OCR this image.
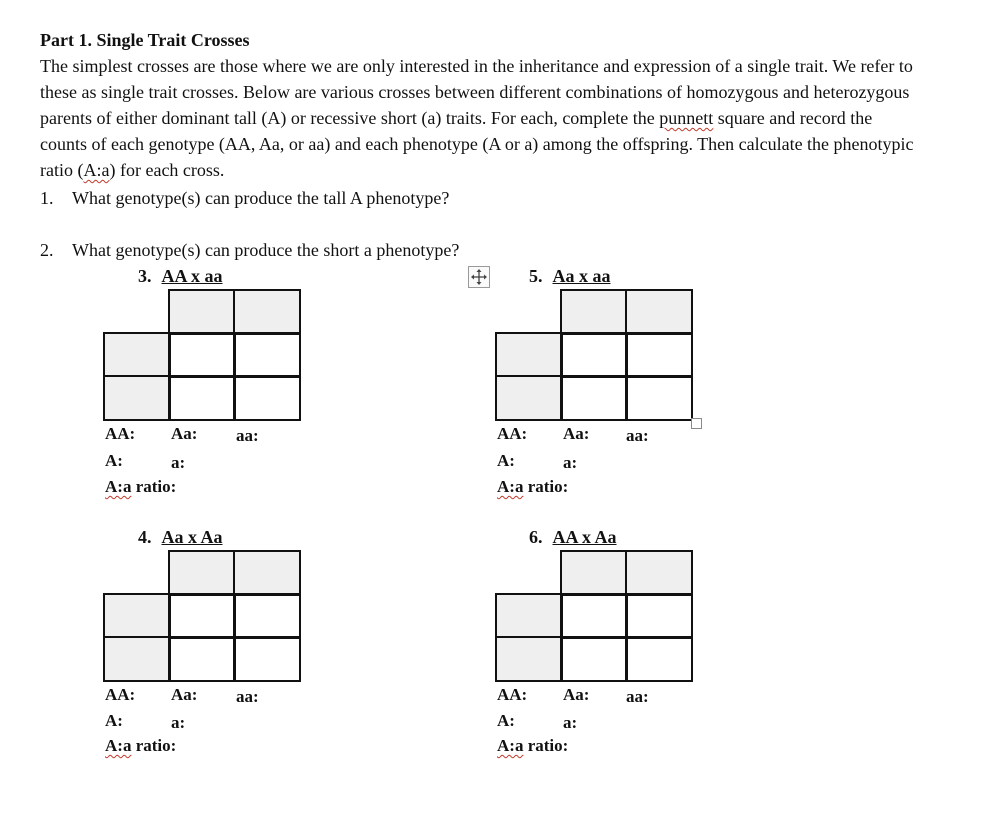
Part 1. Single Trait Crosses
The simplest crosses are those where we are only interested in the inheritance and expression of a single trait. We refer to these as single trait crosses. Below are various crosses between different combinations of homozygous and heterozygous parents of either dominant tall (A) or recessive short (a) traits. For each, complete the punnett square and record the counts of each genotype (AA, Aa, or aa) and each phenotype (A or a) among the offspring. Then calculate the phenotypic ratio (A:a) for each cross.
1. What genotype(s) can produce the tall A phenotype?
2. What genotype(s) can produce the short a phenotype?
3. AA x aa
AA: Aa: aa:
A:	a:
A:a ratio:
5. Aa x aa
AA: Aa: aa:
A:	a:
A:a ratio:
4. Aa x Aa
AA: Aa: aa:
A:	a:
A:a ratio:
6. AA x Aa
AA: Aa: aa:
A:	a:
A:a ratio:
